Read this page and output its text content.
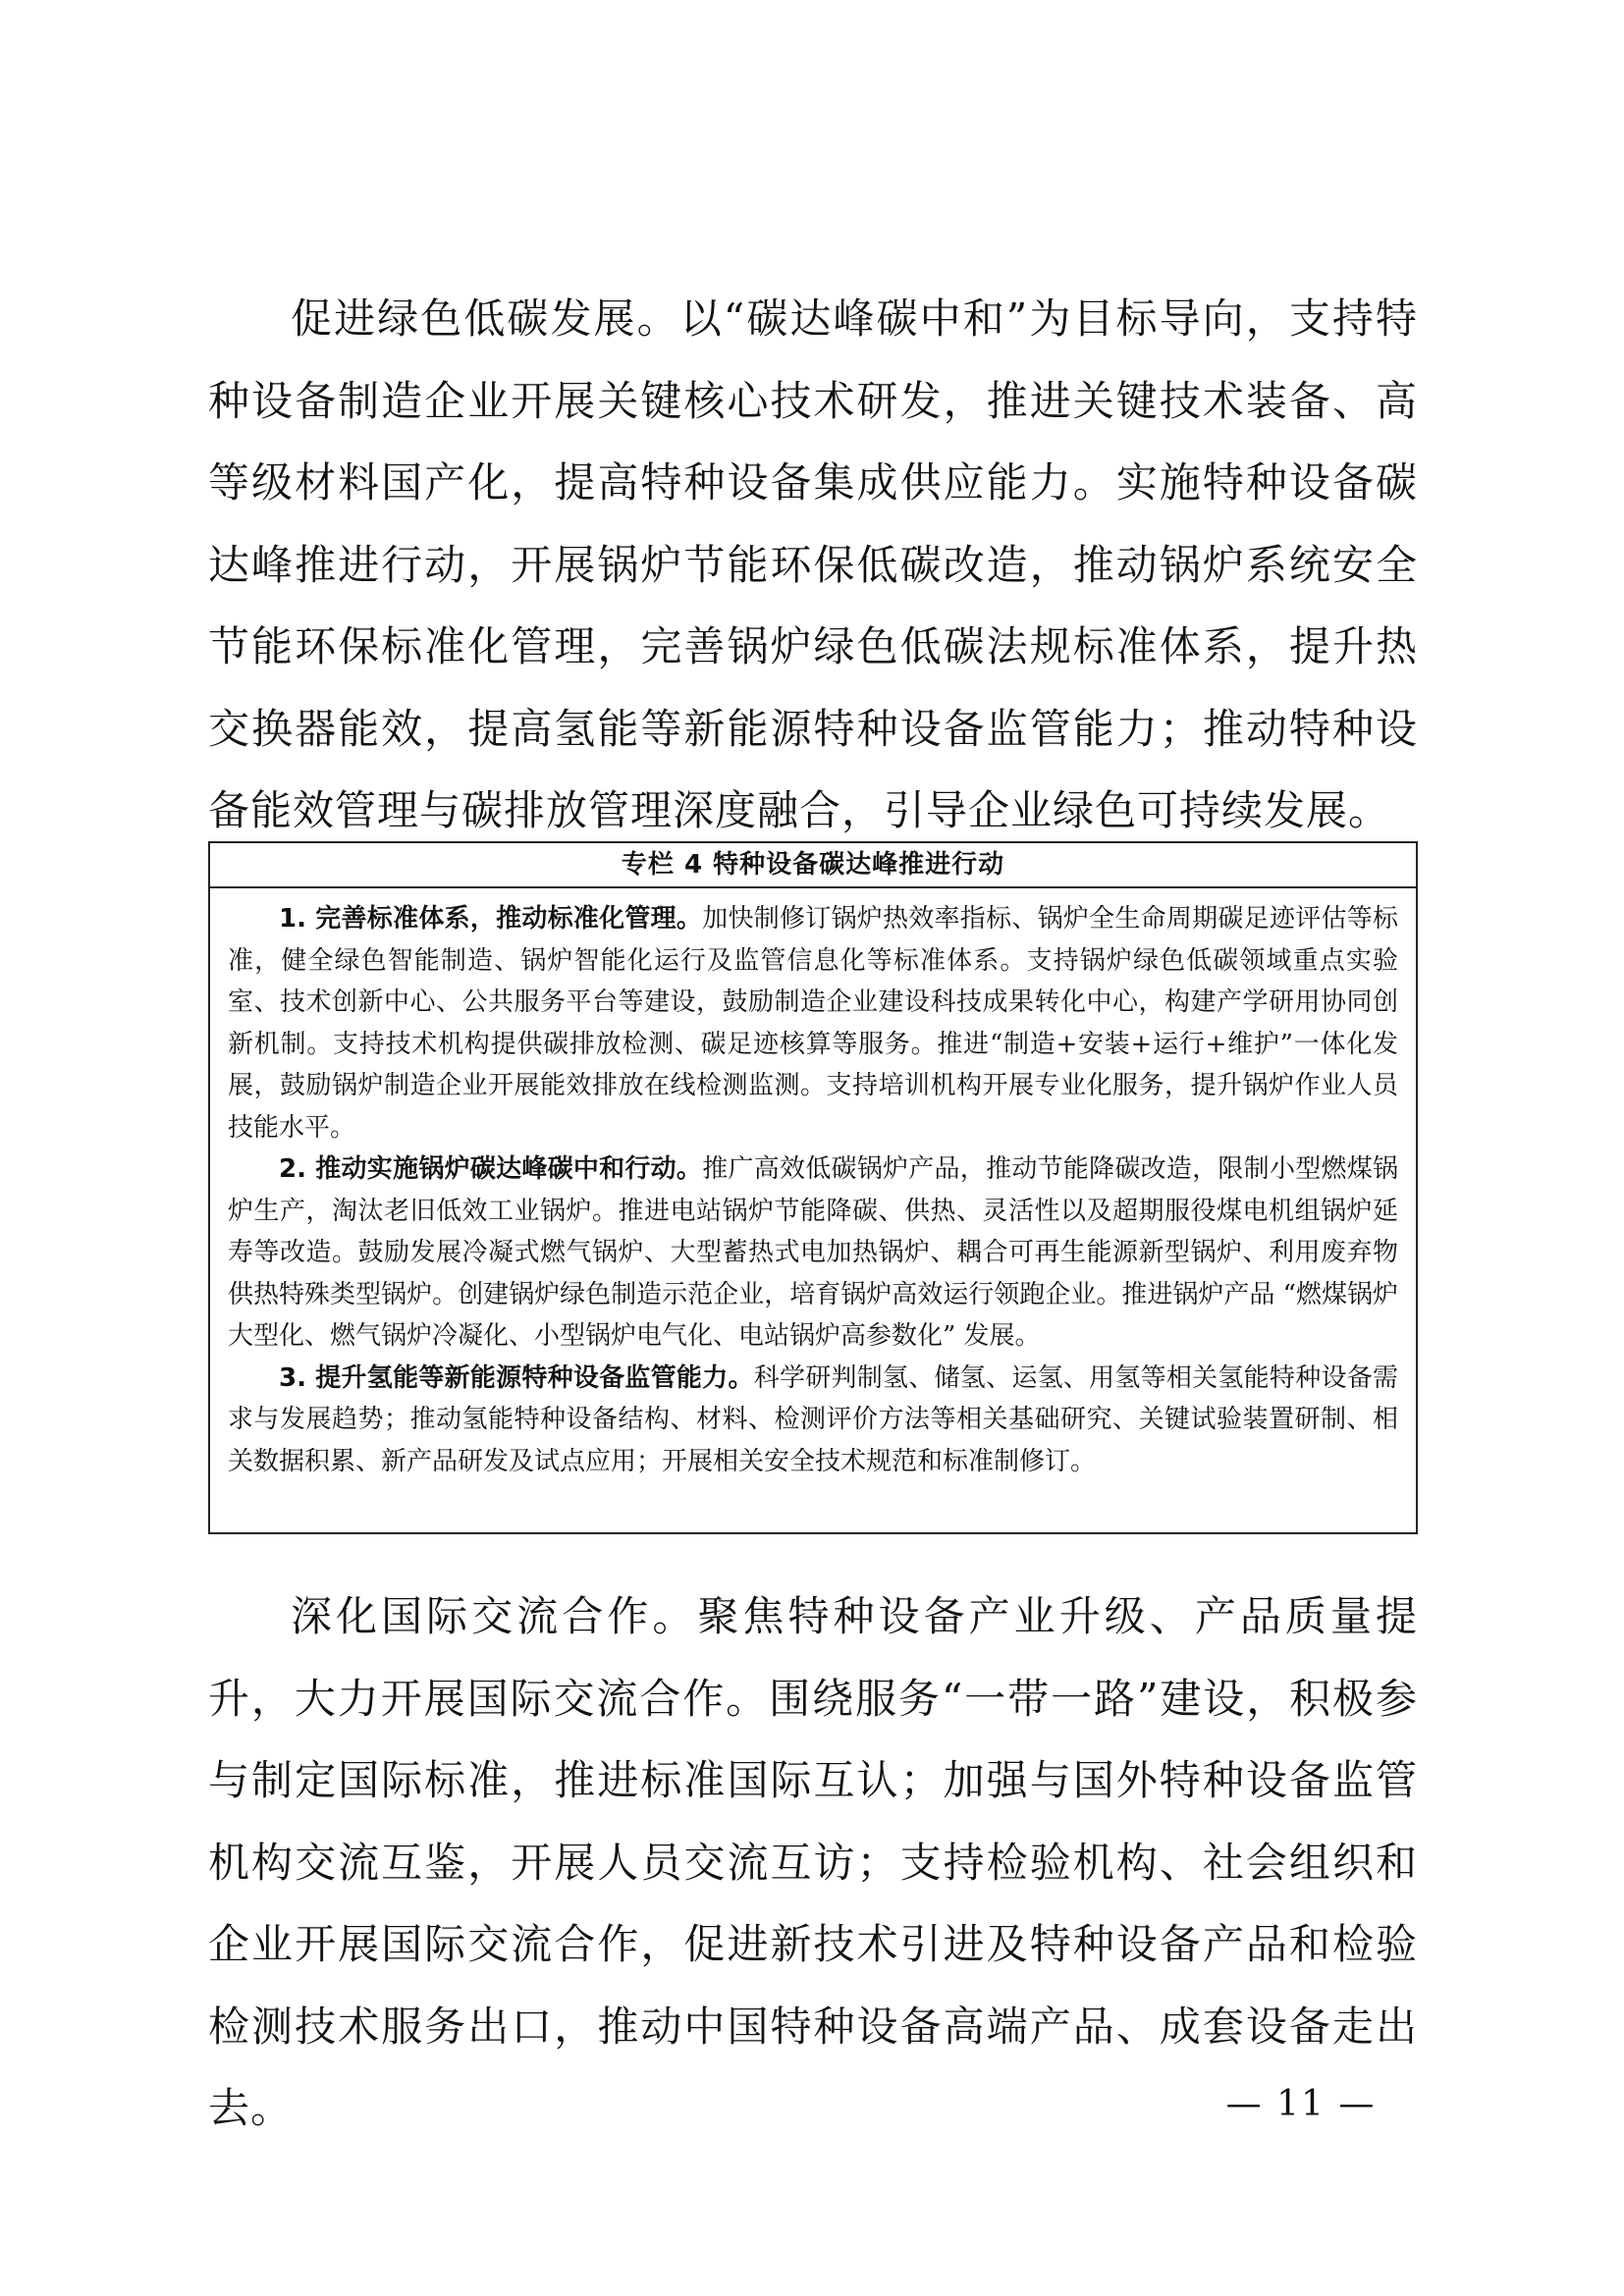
促进绿色低碳发展。以“碳达峰碳中和”为目标导向，支持特种设备制造企业开展关键核心技术研发，推进关键技术装备、高等级材料国产化，提高特种设备集成供应能力。实施特种设备碳达峰推进行动，开展锅炉节能环保低碳改造，推动锅炉系统安全节能环保标准化管理，完善锅炉绿色低碳法规标准体系，提升热交换器能效，提高氢能等新能源特种设备监管能力；推动特种设备能效管理与碳排放管理深度融合，引导企业绿色可持续发展。

专栏 4 特种设备碳达峰推进行动

1. 完善标准体系，推动标准化管理。加快制修订锅炉热效率指标、锅炉全生命周期碳足迹评估等标准，健全绿色智能制造、锅炉智能化运行及监管信息化等标准体系。支持锅炉绿色低碳领域重点实验室、技术创新中心、公共服务平台等建设，鼓励制造企业建设科技成果转化中心，构建产学研用协同创新机制。支持技术机构提供碳排放检测、碳足迹核算等服务。推进“制造+安装+运行+维护”一体化发展，鼓励锅炉制造企业开展能效排放在线检测监测。支持培训机构开展专业化服务，提升锅炉作业人员技能水平。

2. 推动实施锅炉碳达峰碳中和行动。推广高效低碳锅炉产品，推动节能降碳改造，限制小型燃煤锅炉生产，淘汰老旧低效工业锅炉。推进电站锅炉节能降碳、供热、灵活性以及超期服役煤电机组锅炉延寿等改造。鼓励发展冷凝式燃气锅炉、大型蓄热式电加热锅炉、耦合可再生能源新型锅炉、利用废弃物供热特殊类型锅炉。创建锅炉绿色制造示范企业，培育锅炉高效运行领跑企业。推进锅炉产品 “燃煤锅炉大型化、燃气锅炉冷凝化、小型锅炉电气化、电站锅炉高参数化” 发展。

3. 提升氢能等新能源特种设备监管能力。科学研判制氢、储氢、运氢、用氢等相关氢能特种设备需求与发展趋势；推动氢能特种设备结构、材料、检测评价方法等相关基础研究、关键试验装置研制、相关数据积累、新产品研发及试点应用；开展相关安全技术规范和标准制修订。

深化国际交流合作。聚焦特种设备产业升级、产品质量提升，大力开展国际交流合作。围绕服务“一带一路”建设，积极参与制定国际标准，推进标准国际互认；加强与国外特种设备监管机构交流互鉴，开展人员交流互访；支持检验机构、社会组织和企业开展国际交流合作，促进新技术引进及特种设备产品和检验检测技术服务出口，推动中国特种设备高端产品、成套设备走出去。	— 11 —
